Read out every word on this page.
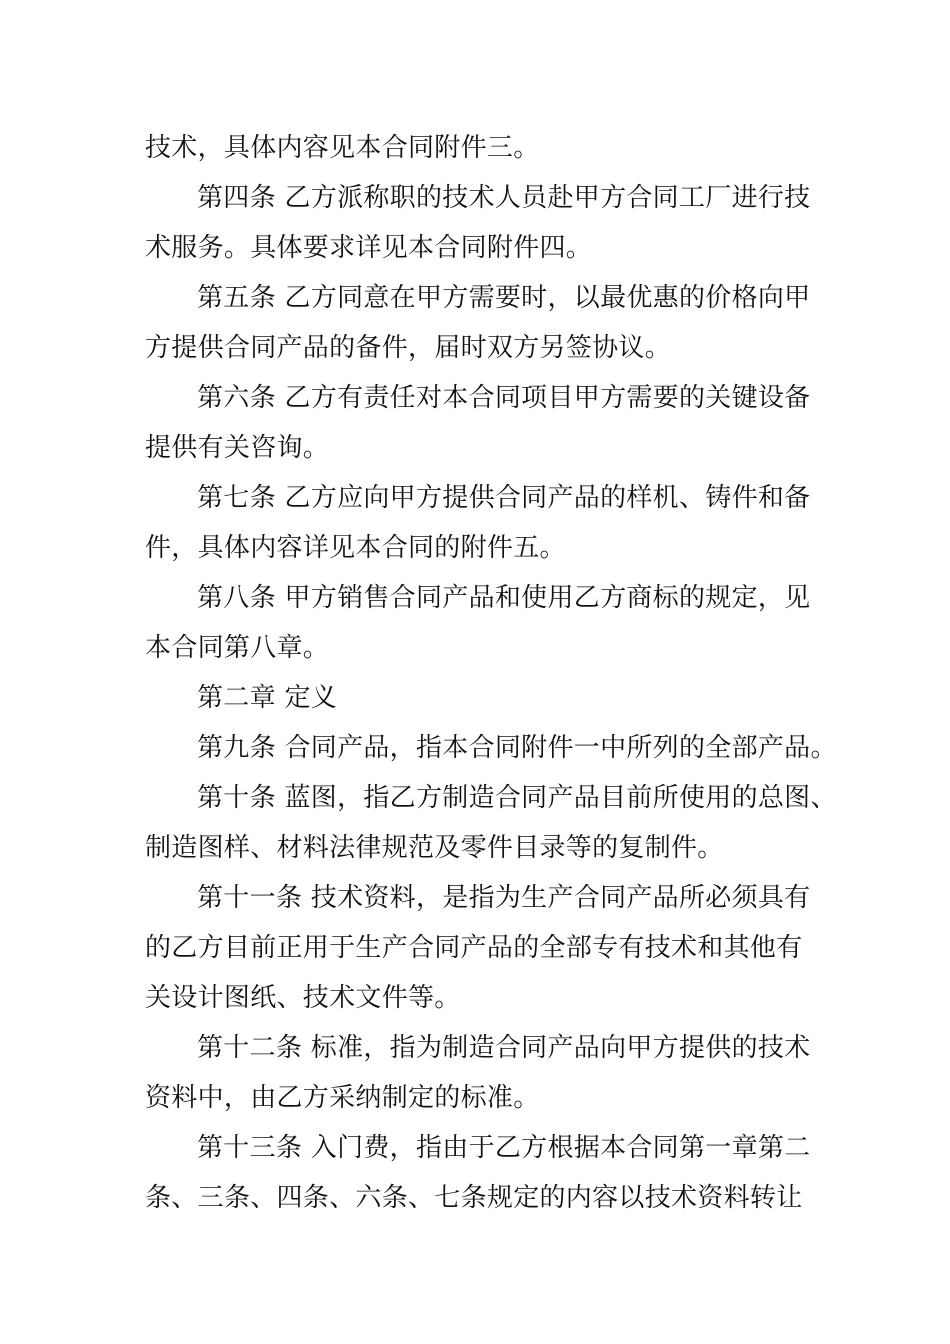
技术，具体内容见本合同附件三。
第四条 乙方派称职的技术人员赴甲方合同工厂进行技
术服务。具体要求详见本合同附件四。
第五条 乙方同意在甲方需要时，以最优惠的价格向甲
方提供合同产品的备件，届时双方另签协议。
第六条 乙方有责任对本合同项目甲方需要的关键设备
提供有关咨询。
第七条 乙方应向甲方提供合同产品的样机、铸件和备
件，具体内容详见本合同的附件五。
第八条 甲方销售合同产品和使用乙方商标的规定，见
本合同第八章。
第二章 定义
第九条 合同产品，指本合同附件一中所列的全部产品。
第十条 蓝图，指乙方制造合同产品目前所使用的总图、
制造图样、材料法律规范及零件目录等的复制件。
第十一条 技术资料，是指为生产合同产品所必须具有
的乙方目前正用于生产合同产品的全部专有技术和其他有
关设计图纸、技术文件等。
第十二条 标准，指为制造合同产品向甲方提供的技术
资料中，由乙方采纳制定的标准。
第十三条 入门费，指由于乙方根据本合同第一章第二
条、三条、四条、六条、七条规定的内容以技术资料转让
